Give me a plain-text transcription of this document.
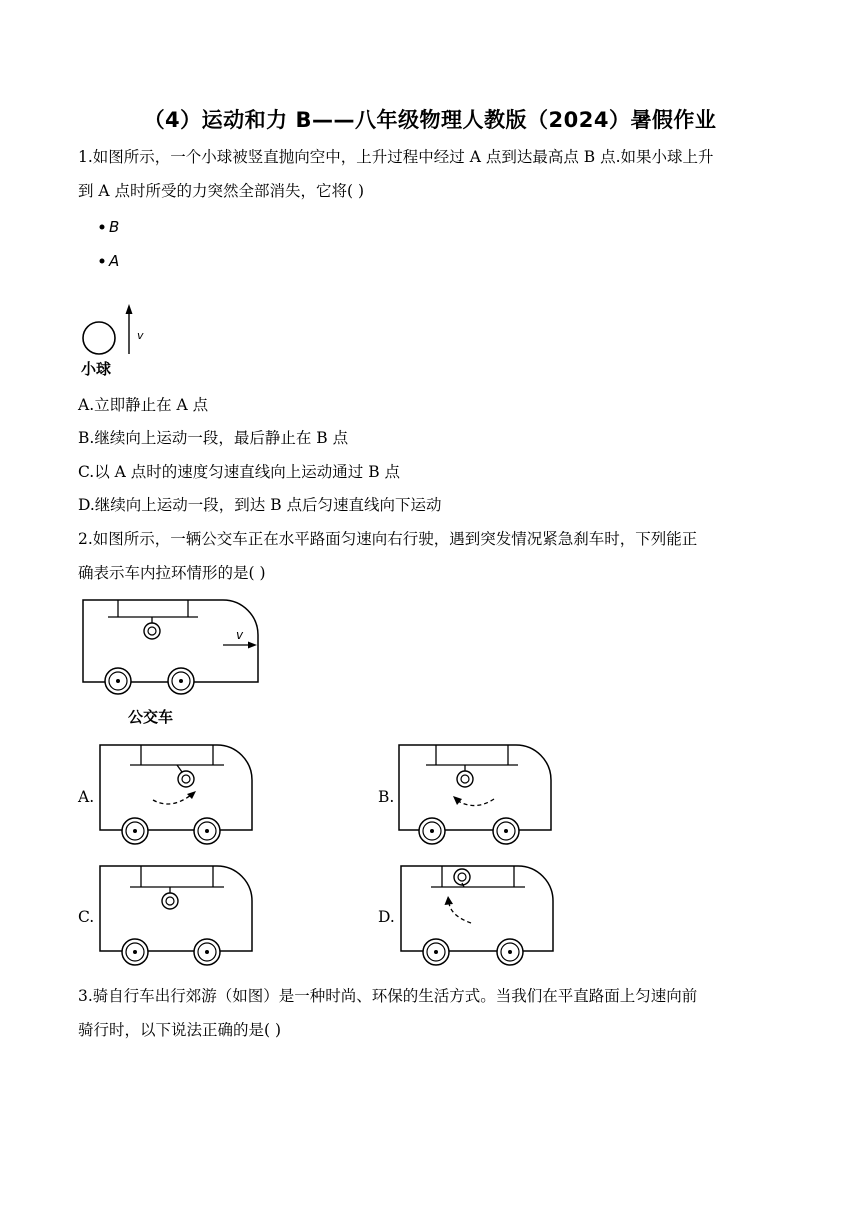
（4）运动和力 B——八年级物理人教版（2024）暑假作业
1.如图所示，一个小球被竖直抛向空中，上升过程中经过 A 点到达最高点 B 点.如果小球上升
到 A 点时所受的力突然全部消失，它将( )
B
A
v
小球
A.立即静止在 A 点
B.继续向上运动一段，最后静止在 B 点
C.以 A 点时的速度匀速直线向上运动通过 B 点
D.继续向上运动一段，到达 B 点后匀速直线向下运动
2.如图所示，一辆公交车正在水平路面匀速向右行驶，遇到突发情况紧急刹车时，下列能正
确表示车内拉环情形的是( )
v
公交车
A.	B.
C.	D.
3.骑自行车出行郊游（如图）是一种时尚、环保的生活方式。当我们在平直路面上匀速向前
骑行时，以下说法正确的是( )
